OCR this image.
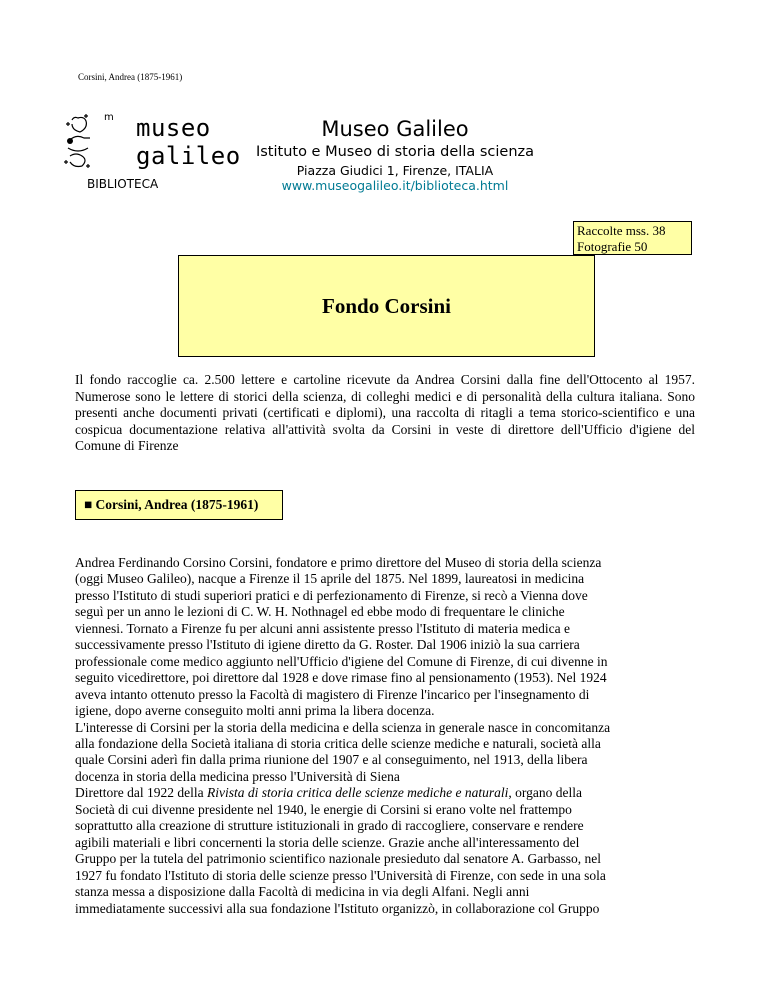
Corsini, Andrea (1875-1961)
m museo
galileo
BIBLIOTECA
Museo Galileo
Istituto e Museo di storia della scienza
Piazza Giudici 1, Firenze, ITALIA
www.museogalileo.it/biblioteca.html
Raccolte mss. 38
Fotografie 50
Fondo Corsini

Il fondo raccoglie ca. 2.500 lettere e cartoline ricevute da Andrea Corsini dalla fine dell'Ottocento al 1957. Numerose sono le lettere di storici della scienza, di colleghi medici e di personalità della cultura italiana. Sono presenti anche documenti privati (certificati e diplomi), una raccolta di ritagli a tema storico-scientifico e una cospicua documentazione relativa all'attività svolta da Corsini in veste di direttore dell'Ufficio d'igiene del Comune di Firenze

■ Corsini, Andrea (1875-1961)
Andrea Ferdinando Corsino Corsini, fondatore e primo direttore del Museo di storia della scienza
(oggi Museo Galileo), nacque a Firenze il 15 aprile del 1875. Nel 1899, laureatosi in medicina
presso l'Istituto di studi superiori pratici e di perfezionamento di Firenze, si recò a Vienna dove
seguì per un anno le lezioni di C. W. H. Nothnagel ed ebbe modo di frequentare le cliniche
viennesi. Tornato a Firenze fu per alcuni anni assistente presso l'Istituto di materia medica e
successivamente presso l'Istituto di igiene diretto da G. Roster. Dal 1906 iniziò la sua carriera
professionale come medico aggiunto nell'Ufficio d'igiene del Comune di Firenze, di cui divenne in
seguito vicedirettore, poi direttore dal 1928 e dove rimase fino al pensionamento (1953). Nel 1924
aveva intanto ottenuto presso la Facoltà di magistero di Firenze l'incarico per l'insegnamento di
igiene, dopo averne conseguito molti anni prima la libera docenza.
L'interesse di Corsini per la storia della medicina e della scienza in generale nasce in concomitanza
alla fondazione della Società italiana di storia critica delle scienze mediche e naturali, società alla
quale Corsini aderì fin dalla prima riunione del 1907 e al conseguimento, nel 1913, della libera
docenza in storia della medicina presso l'Università di Siena
Direttore dal 1922 della Rivista di storia critica delle scienze mediche e naturali, organo della
Società di cui divenne presidente nel 1940, le energie di Corsini si erano volte nel frattempo
soprattutto alla creazione di strutture istituzionali in grado di raccogliere, conservare e rendere
agibili materiali e libri concernenti la storia delle scienze. Grazie anche all'interessamento del
Gruppo per la tutela del patrimonio scientifico nazionale presieduto dal senatore A. Garbasso, nel
1927 fu fondato l'Istituto di storia delle scienze presso l'Università di Firenze, con sede in una sola
stanza messa a disposizione dalla Facoltà di medicina in via degli Alfani. Negli anni
immediatamente successivi alla sua fondazione l'Istituto organizzò, in collaborazione col Gruppo
